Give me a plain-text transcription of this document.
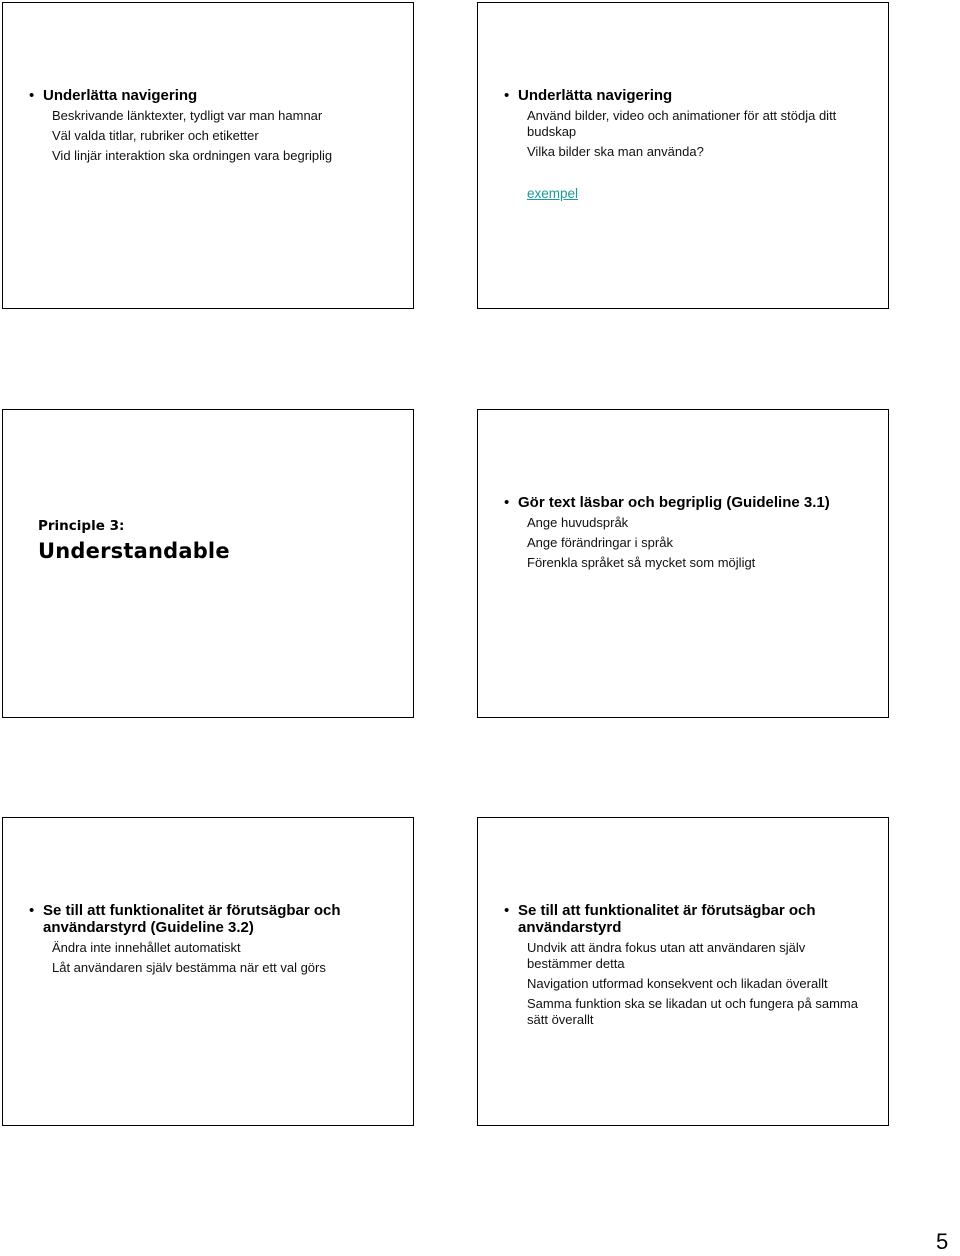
• Underlätta navigering

Beskrivande länktexter, tydligt var man hamnar

Väl valda titlar, rubriker och etiketter

Vid linjär interaktion ska ordningen vara begriplig

• Underlätta navigering

Använd bilder, video och animationer för att stödja ditt budskap

Vilka bilder ska man använda?

exempel

Principle 3:

Understandable

• Gör text läsbar och begriplig (Guideline 3.1)

Ange huvudspråk

Ange förändringar i språk

Förenkla språket så mycket som möjligt

• Se till att funktionalitet är förutsägbar och användarstyrd (Guideline 3.2)

Ändra inte innehållet automatiskt

Låt användaren själv bestämma när ett val görs

• Se till att funktionalitet är förutsägbar och användarstyrd

Undvik att ändra fokus utan att användaren själv bestämmer detta

Navigation utformad konsekvent och likadan överallt

Samma funktion ska se likadan ut och fungera på samma sätt överallt

5
